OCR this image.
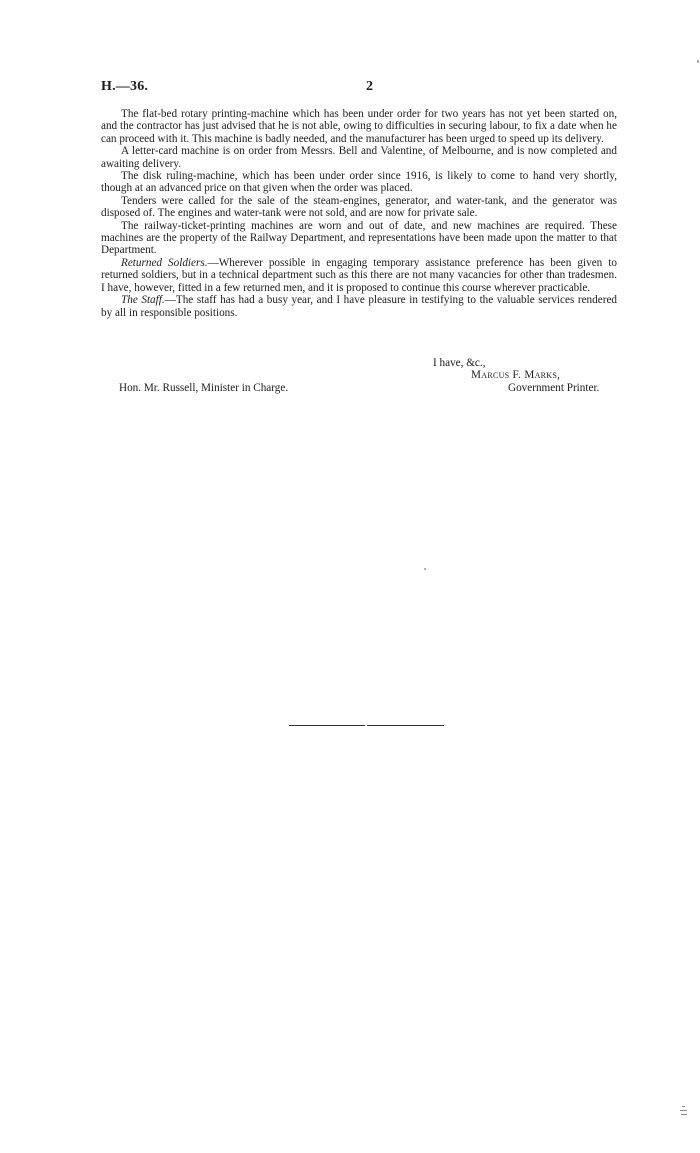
H.—36.	2

The flat-bed rotary printing-machine which has been under order for two years has not yet been started on, and the contractor has just advised that he is not able, owing to difficulties in securing labour, to fix a date when he can proceed with it. This machine is badly needed, and the manufacturer has been urged to speed up its delivery.

A letter-card machine is on order from Messrs. Bell and Valentine, of Melbourne, and is now completed and awaiting delivery.

The disk ruling-machine, which has been under order since 1916, is likely to come to hand very shortly, though at an advanced price on that given when the order was placed.

Tenders were called for the sale of the steam-engines, generator, and water-tank, and the generator was disposed of. The engines and water-tank were not sold, and are now for private sale.

The railway-ticket-printing machines are worn and out of date, and new machines are required. These machines are the property of the Railway Department, and representations have been made upon the matter to that Department.

Returned Soldiers.—Wherever possible in engaging temporary assistance preference has been given to returned soldiers, but in a technical department such as this there are not many vacancies for other than tradesmen. I have, however, fitted in a few returned men, and it is proposed to continue this course wherever practicable.

The Staff.—The staff has had a busy year, and I have pleasure in testifying to the valuable services rendered by all in responsible positions.

I have, &c.,
Marcus F. Marks,
Hon. Mr. Russell, Minister in Charge.	Government Printer.
